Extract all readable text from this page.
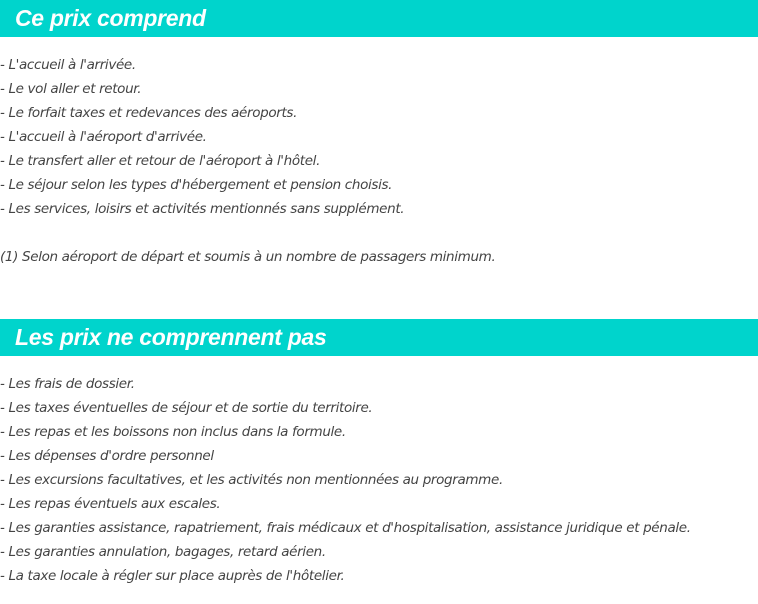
Ce prix comprend
- L'accueil à l'arrivée.
- Le vol aller et retour.
- Le forfait taxes et redevances des aéroports.
- L'accueil à l'aéroport d'arrivée.
- Le transfert aller et retour de l'aéroport à l'hôtel.
- Le séjour selon les types d'hébergement et pension choisis.
- Les services, loisirs et activités mentionnés sans supplément.

(1) Selon aéroport de départ et soumis à un nombre de passagers minimum.

Les prix ne comprennent pas
- Les frais de dossier.
- Les taxes éventuelles de séjour et de sortie du territoire.
- Les repas et les boissons non inclus dans la formule.
- Les dépenses d'ordre personnel
- Les excursions facultatives, et les activités non mentionnées au programme.
- Les repas éventuels aux escales.
- Les garanties assistance, rapatriement, frais médicaux et d'hospitalisation, assistance juridique et pénale.
- Les garanties annulation, bagages, retard aérien.
- La taxe locale à régler sur place auprès de l'hôtelier.
